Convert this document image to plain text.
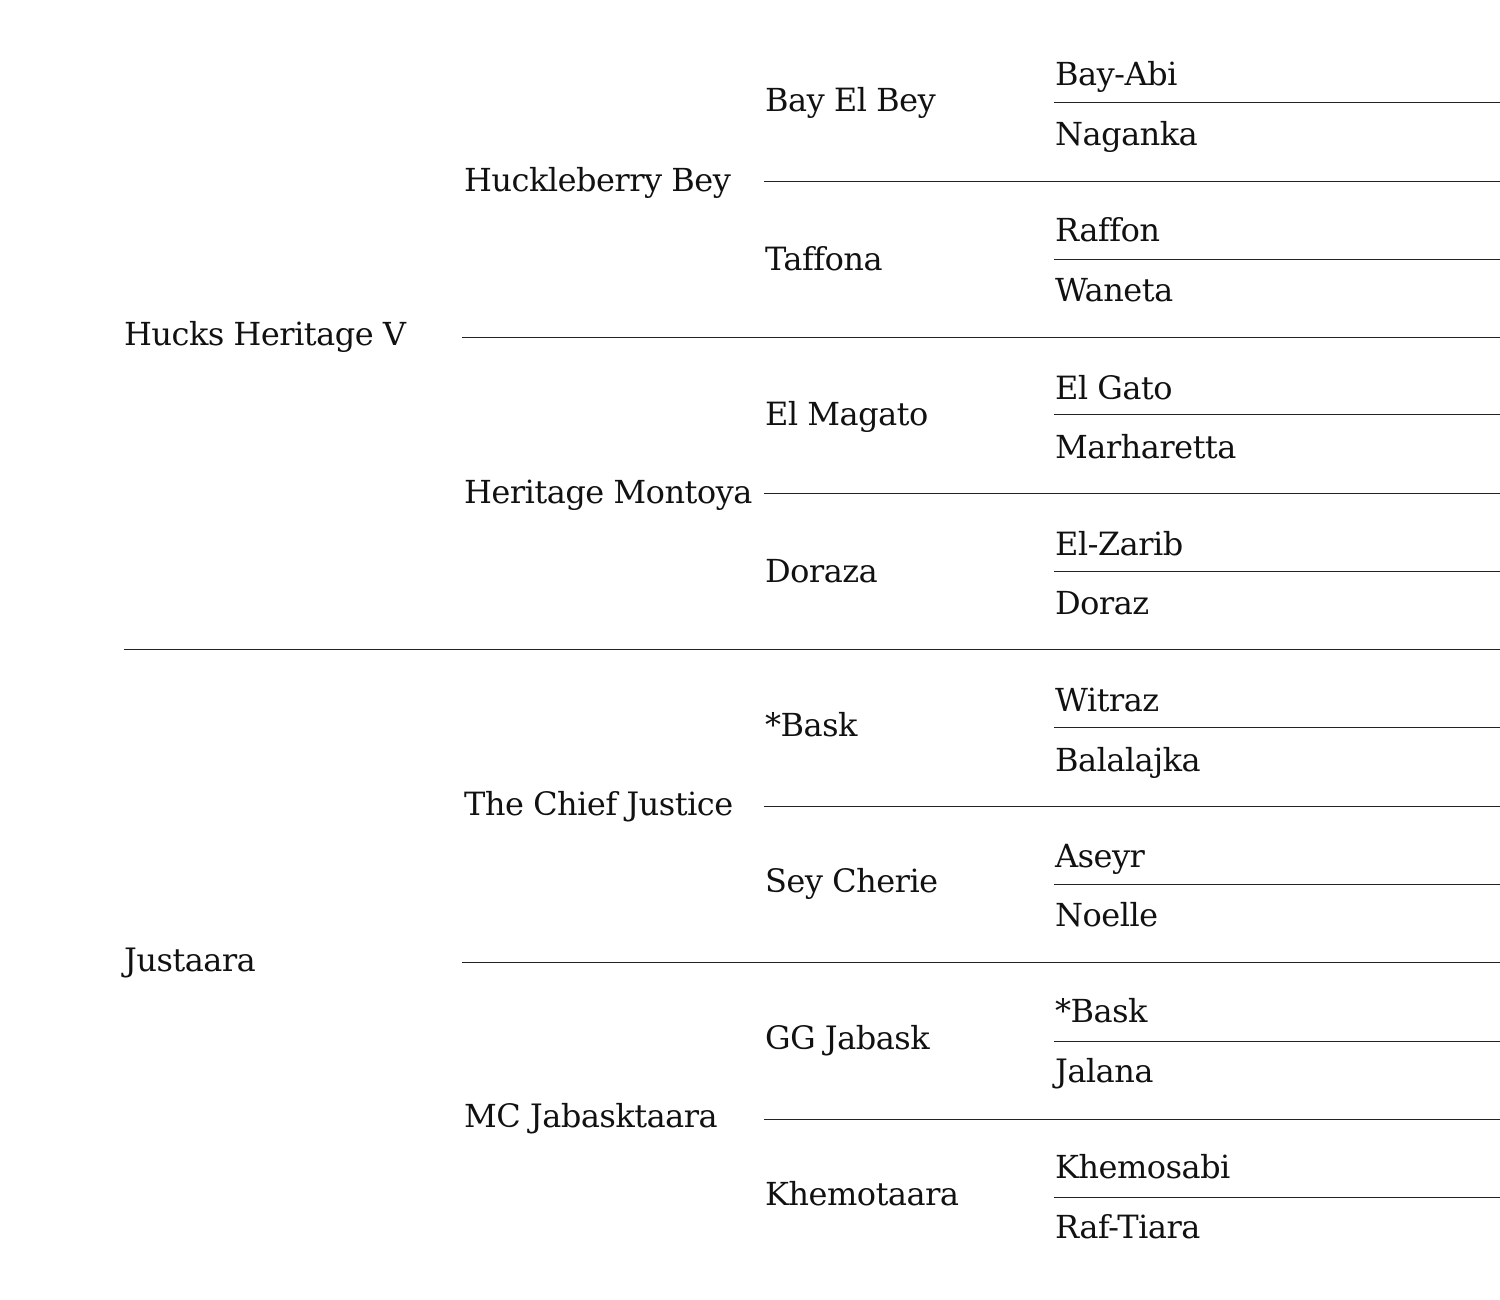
Hucks Heritage V
Justaara
Huckleberry Bey
Heritage Montoya
The Chief Justice
MC Jabasktaara
Bay El Bey
Taffona
El Magato
Doraza
*Bask
Sey Cherie
GG Jabask
Khemotaara
Bay-Abi
Naganka
Raffon
Waneta
El Gato
Marharetta
El-Zarib
Doraz
Witraz
Balalajka
Aseyr
Noelle
*Bask
Jalana
Khemosabi
Raf-Tiara
